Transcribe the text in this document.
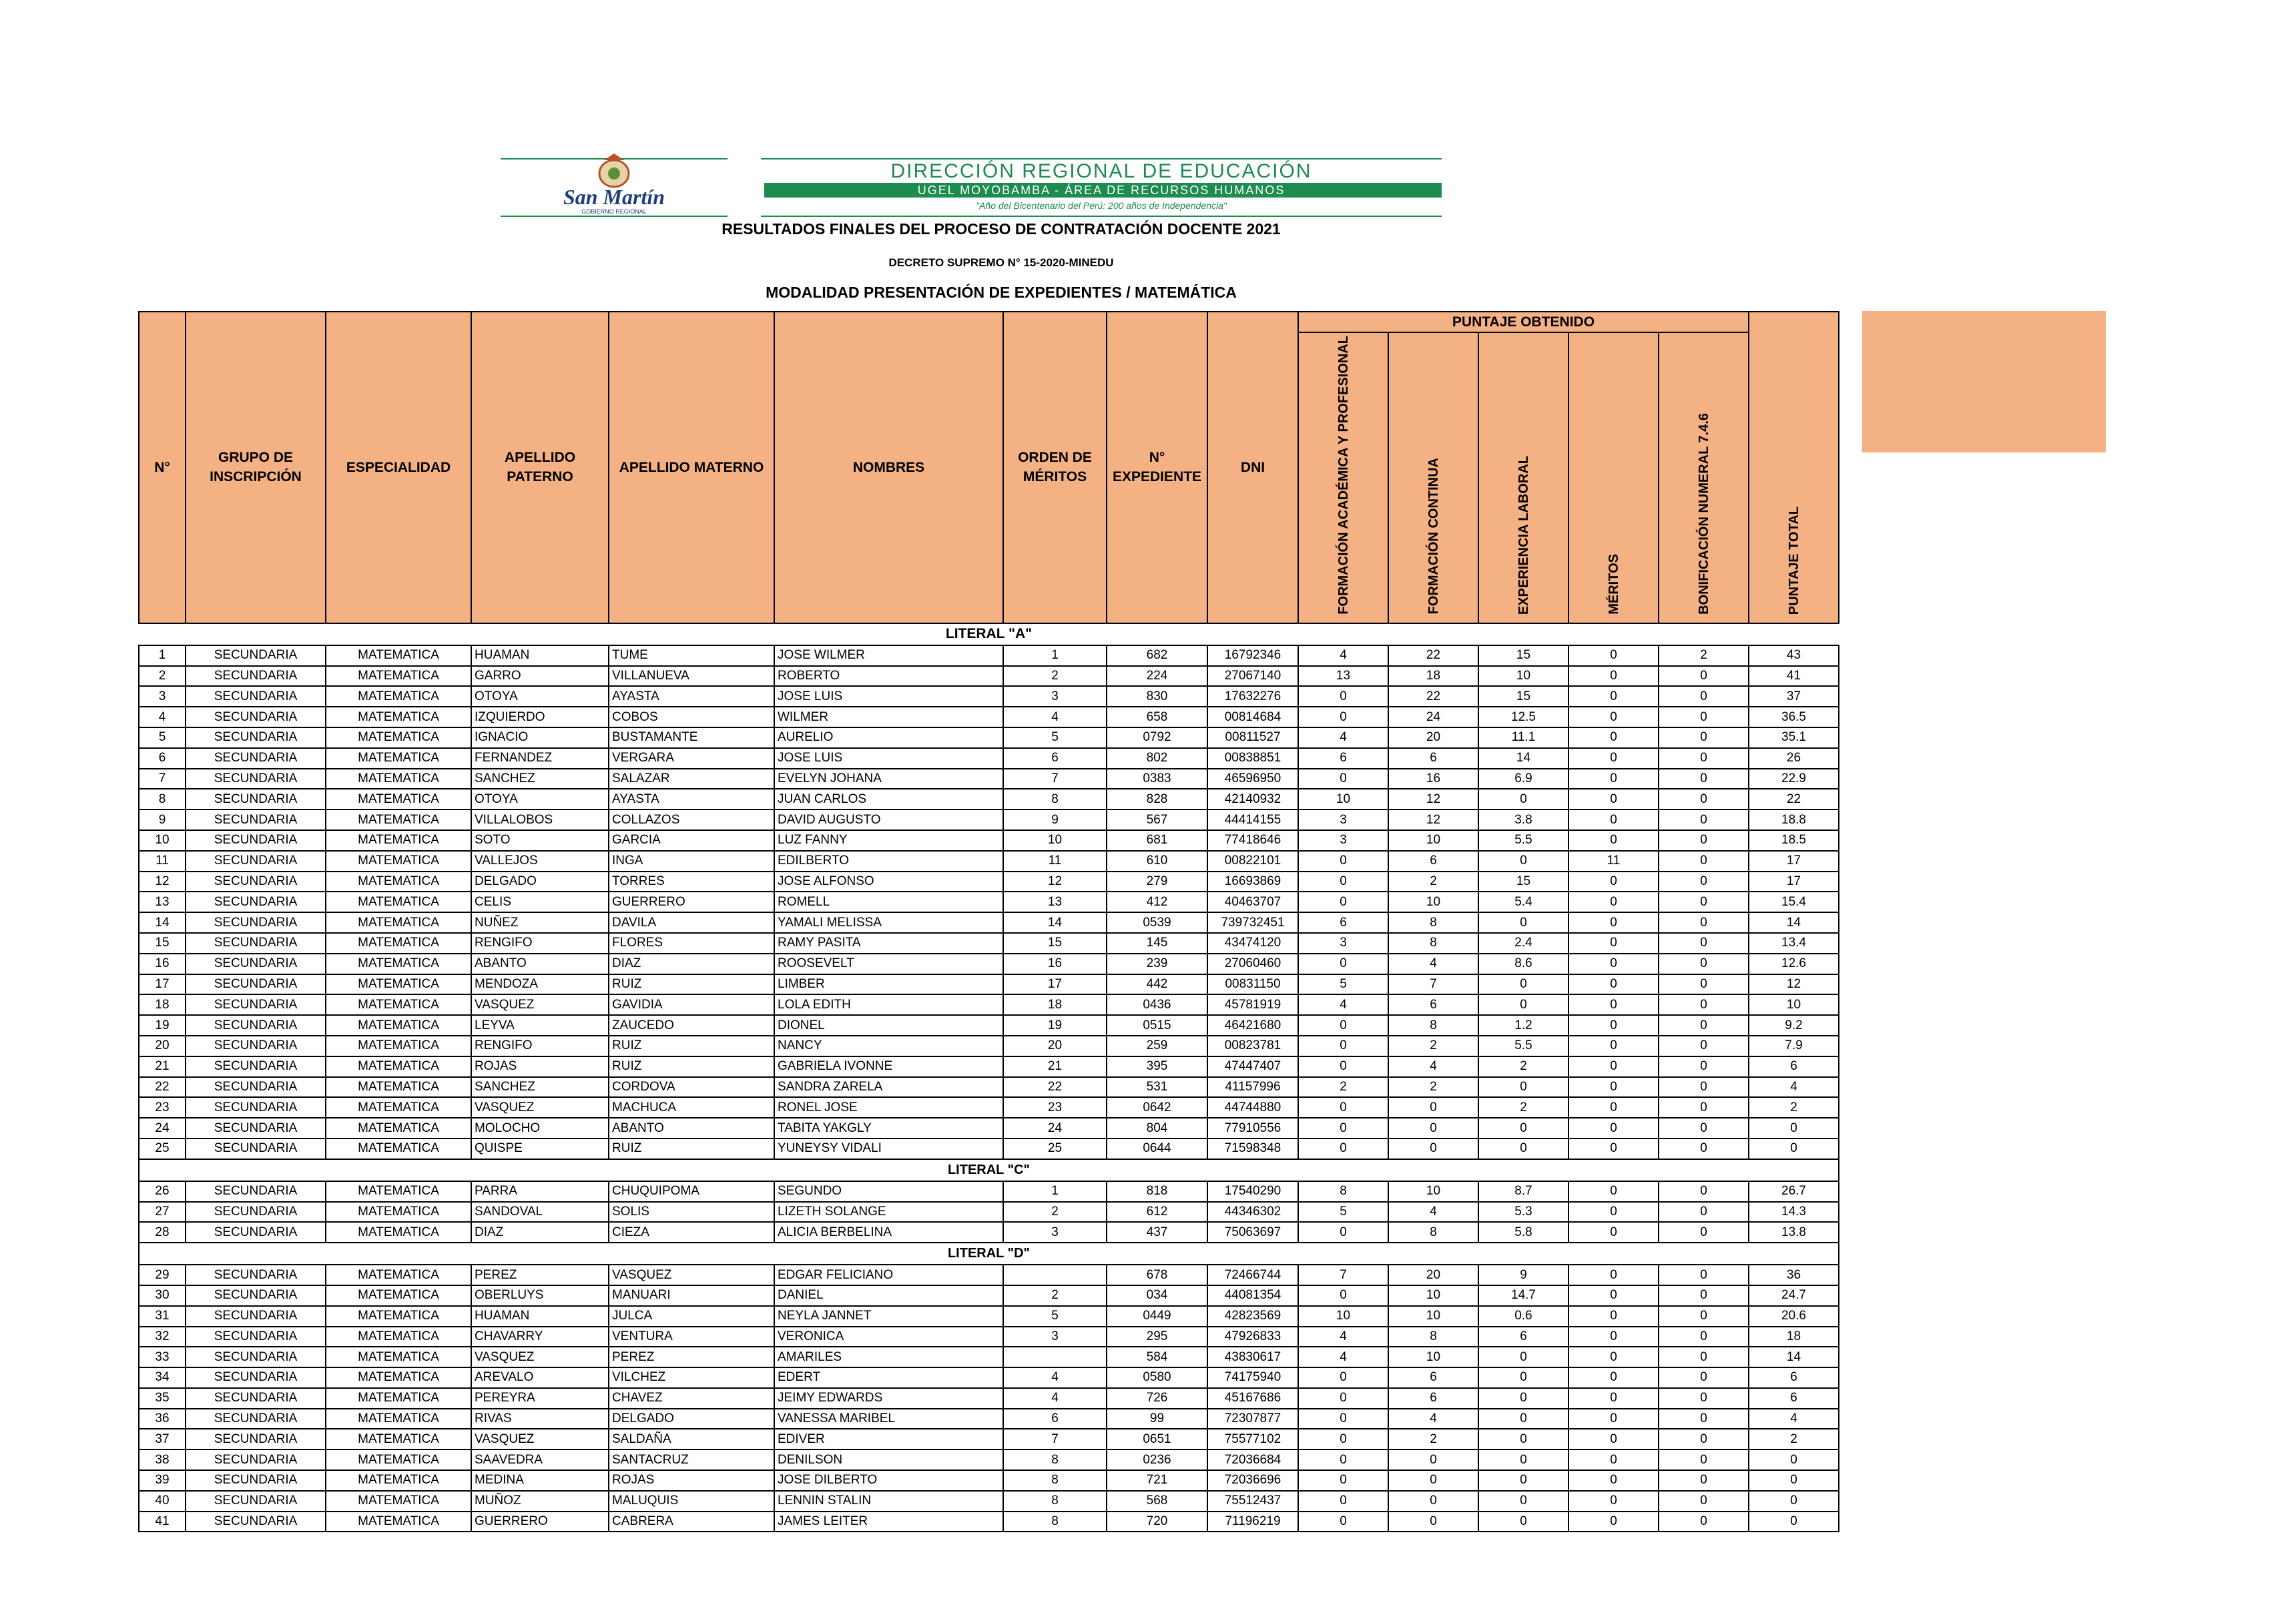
San Martín
GOBIERNO REGIONAL
DIRECCIÓN REGIONAL DE EDUCACIÓN
UGEL MOYOBAMBA - ÁREA DE RECURSOS HUMANOS
"Año del Bicentenario del Perú: 200 años de Independencia"
RESULTADOS FINALES DEL PROCESO DE CONTRATACIÓN DOCENTE 2021
DECRETO SUPREMO N° 15-2020-MINEDU
MODALIDAD PRESENTACIÓN DE EXPEDIENTES / MATEMÁTICA
N°	GRUPO DE INSCRIPCIÓN	ESPECIALIDAD	APELLIDO PATERNO	APELLIDO MATERNO	NOMBRES	ORDEN DE MÉRITOS	N° EXPEDIENTE	DNI	PUNTAJE OBTENIDO					PUNTAJE TOTAL
									FORMACIÓN ACADÉMICA Y PROFESIONAL	FORMACIÓN CONTINUA	EXPERIENCIA LABORAL	MÉRITOS	BONIFICACIÓN NUMERAL 7.4.6	
LITERAL "A"														
1	SECUNDARIA	MATEMATICA	HUAMAN	TUME	JOSE WILMER	1	682	16792346	4	22	15	0	2	43
2	SECUNDARIA	MATEMATICA	GARRO	VILLANUEVA	ROBERTO	2	224	27067140	13	18	10	0	0	41
3	SECUNDARIA	MATEMATICA	OTOYA	AYASTA	JOSE LUIS	3	830	17632276	0	22	15	0	0	37
4	SECUNDARIA	MATEMATICA	IZQUIERDO	COBOS	WILMER	4	658	00814684	0	24	12.5	0	0	36.5
5	SECUNDARIA	MATEMATICA	IGNACIO	BUSTAMANTE	AURELIO	5	0792	00811527	4	20	11.1	0	0	35.1
6	SECUNDARIA	MATEMATICA	FERNANDEZ	VERGARA	JOSE LUIS	6	802	00838851	6	6	14	0	0	26
7	SECUNDARIA	MATEMATICA	SANCHEZ	SALAZAR	EVELYN JOHANA	7	0383	46596950	0	16	6.9	0	0	22.9
8	SECUNDARIA	MATEMATICA	OTOYA	AYASTA	JUAN CARLOS	8	828	42140932	10	12	0	0	0	22
9	SECUNDARIA	MATEMATICA	VILLALOBOS	COLLAZOS	DAVID AUGUSTO	9	567	44414155	3	12	3.8	0	0	18.8
10	SECUNDARIA	MATEMATICA	SOTO	GARCIA	LUZ FANNY	10	681	77418646	3	10	5.5	0	0	18.5
11	SECUNDARIA	MATEMATICA	VALLEJOS	INGA	EDILBERTO	11	610	00822101	0	6	0	11	0	17
12	SECUNDARIA	MATEMATICA	DELGADO	TORRES	JOSE ALFONSO	12	279	16693869	0	2	15	0	0	17
13	SECUNDARIA	MATEMATICA	CELIS	GUERRERO	ROMELL	13	412	40463707	0	10	5.4	0	0	15.4
14	SECUNDARIA	MATEMATICA	NUÑEZ	DAVILA	YAMALI MELISSA	14	0539	739732451	6	8	0	0	0	14
15	SECUNDARIA	MATEMATICA	RENGIFO	FLORES	RAMY PASITA	15	145	43474120	3	8	2.4	0	0	13.4
16	SECUNDARIA	MATEMATICA	ABANTO	DIAZ	ROOSEVELT	16	239	27060460	0	4	8.6	0	0	12.6
17	SECUNDARIA	MATEMATICA	MENDOZA	RUIZ	LIMBER	17	442	00831150	5	7	0	0	0	12
18	SECUNDARIA	MATEMATICA	VASQUEZ	GAVIDIA	LOLA EDITH	18	0436	45781919	4	6	0	0	0	10
19	SECUNDARIA	MATEMATICA	LEYVA	ZAUCEDO	DIONEL	19	0515	46421680	0	8	1.2	0	0	9.2
20	SECUNDARIA	MATEMATICA	RENGIFO	RUIZ	NANCY	20	259	00823781	0	2	5.5	0	0	7.9
21	SECUNDARIA	MATEMATICA	ROJAS	RUIZ	GABRIELA IVONNE	21	395	47447407	0	4	2	0	0	6
22	SECUNDARIA	MATEMATICA	SANCHEZ	CORDOVA	SANDRA ZARELA	22	531	41157996	2	2	0	0	0	4
23	SECUNDARIA	MATEMATICA	VASQUEZ	MACHUCA	RONEL JOSE	23	0642	44744880	0	0	2	0	0	2
24	SECUNDARIA	MATEMATICA	MOLOCHO	ABANTO	TABITA YAKGLY	24	804	77910556	0	0	0	0	0	0
25	SECUNDARIA	MATEMATICA	QUISPE	RUIZ	YUNEYSY VIDALI	25	0644	71598348	0	0	0	0	0	0
LITERAL "C"														
26	SECUNDARIA	MATEMATICA	PARRA	CHUQUIPOMA	SEGUNDO	1	818	17540290	8	10	8.7	0	0	26.7
27	SECUNDARIA	MATEMATICA	SANDOVAL	SOLIS	LIZETH SOLANGE	2	612	44346302	5	4	5.3	0	0	14.3
28	SECUNDARIA	MATEMATICA	DIAZ	CIEZA	ALICIA BERBELINA	3	437	75063697	0	8	5.8	0	0	13.8
LITERAL "D"														
29	SECUNDARIA	MATEMATICA	PEREZ	VASQUEZ	EDGAR FELICIANO		678	72466744	7	20	9	0	0	36
30	SECUNDARIA	MATEMATICA	OBERLUYS	MANUARI	DANIEL	2	034	44081354	0	10	14.7	0	0	24.7
31	SECUNDARIA	MATEMATICA	HUAMAN	JULCA	NEYLA JANNET	5	0449	42823569	10	10	0.6	0	0	20.6
32	SECUNDARIA	MATEMATICA	CHAVARRY	VENTURA	VERONICA	3	295	47926833	4	8	6	0	0	18
33	SECUNDARIA	MATEMATICA	VASQUEZ	PEREZ	AMARILES		584	43830617	4	10	0	0	0	14
34	SECUNDARIA	MATEMATICA	AREVALO	VILCHEZ	EDERT	4	0580	74175940	0	6	0	0	0	6
35	SECUNDARIA	MATEMATICA	PEREYRA	CHAVEZ	JEIMY EDWARDS	4	726	45167686	0	6	0	0	0	6
36	SECUNDARIA	MATEMATICA	RIVAS	DELGADO	VANESSA MARIBEL	6	99	72307877	0	4	0	0	0	4
37	SECUNDARIA	MATEMATICA	VASQUEZ	SALDAÑA	EDIVER	7	0651	75577102	0	2	0	0	0	2
38	SECUNDARIA	MATEMATICA	SAAVEDRA	SANTACRUZ	DENILSON	8	0236	72036684	0	0	0	0	0	0
39	SECUNDARIA	MATEMATICA	MEDINA	ROJAS	JOSE DILBERTO	8	721	72036696	0	0	0	0	0	0
40	SECUNDARIA	MATEMATICA	MUÑOZ	MALUQUIS	LENNIN STALIN	8	568	75512437	0	0	0	0	0	0
41	SECUNDARIA	MATEMATICA	GUERRERO	CABRERA	JAMES LEITER	8	720	71196219	0	0	0	0	0	0
